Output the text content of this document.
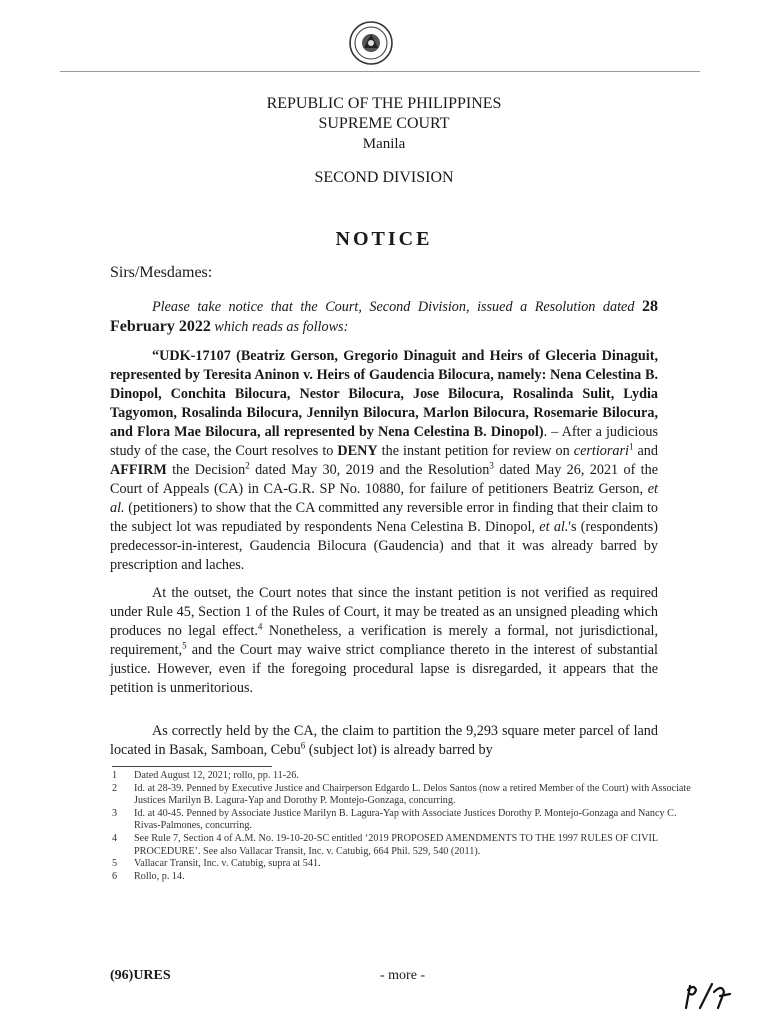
REPUBLIC OF THE PHILIPPINES

SUPREME COURT

Manila

SECOND DIVISION

NOTICE
Sirs/Mesdames:

Please take notice that the Court, Second Division, issued a Resolution dated 28 February 2022 which reads as follows:

“UDK-17107 (Beatriz Gerson, Gregorio Dinaguit and Heirs of Gleceria Dinaguit, represented by Teresita Aninon v. Heirs of Gaudencia Bilocura, namely: Nena Celestina B. Dinopol, Conchita Bilocura, Nestor Bilocura, Jose Bilocura, Rosalinda Sulit, Lydia Tagyomon, Rosalinda Bilocura, Jennilyn Bilocura, Marlon Bilocura, Rosemarie Bilocura, and Flora Mae Bilocura, all represented by Nena Celestina B. Dinopol). – After a judicious study of the case, the Court resolves to DENY the instant petition for review on certiorari$^1$ and AFFIRM the Decision$^2$ dated May 30, 2019 and the Resolution$^3$ dated May 26, 2021 of the Court of Appeals (CA) in CA-G.R. SP No. 10880, for failure of petitioners Beatriz Gerson, et al. (petitioners) to show that the CA committed any reversible error in finding that their claim to the subject lot was repudiated by respondents Nena Celestina B. Dinopol, et al.'s (respondents) predecessor-in-interest, Gaudencia Bilocura (Gaudencia) and that it was already barred by prescription and laches.

At the outset, the Court notes that since the instant petition is not verified as required under Rule 45, Section 1 of the Rules of Court, it may be treated as an unsigned pleading which produces no legal effect.$^4$ Nonetheless, a verification is merely a formal, not jurisdictional, requirement,$^5$ and the Court may waive strict compliance thereto in the interest of substantial justice. However, even if the foregoing procedural lapse is disregarded, it appears that the petition is unmeritorious.

As correctly held by the CA, the claim to partition the 9,293 square meter parcel of land located in Basak, Samboan, Cebu$^6$ (subject lot) is already barred by

1	Dated August 12, 2021; rollo, pp. 11-26.

2	Id. at 28-39. Penned by Executive Justice and Chairperson Edgardo L. Delos Santos (now a retired Member of the Court) with Associate Justices Marilyn B. Lagura-Yap and Dorothy P. Montejo-Gonzaga, concurring.

3	Id. at 40-45. Penned by Associate Justice Marilyn B. Lagura-Yap with Associate Justices Dorothy P. Montejo-Gonzaga and Nancy C. Rivas-Palmones, concurring.

4	See Rule 7, Section 4 of A.M. No. 19-10-20-SC entitled ‘2019 PROPOSED AMENDMENTS TO THE 1997 RULES OF CIVIL PROCEDURE’. See also Vallacar Transit, Inc. v. Catubig, 664 Phil. 529, 540 (2011).

5	Vallacar Transit, Inc. v. Catubig, supra at 541.

6	Rollo, p. 14.

(96)URES	- more -
